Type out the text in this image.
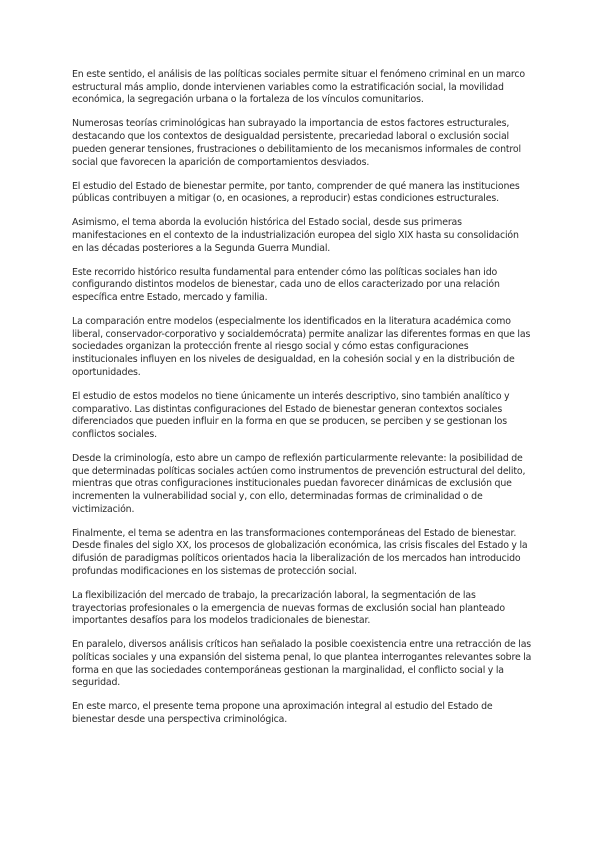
En este sentido, el análisis de las políticas sociales permite situar el fenómeno criminal en un marco estructural más amplio, donde intervienen variables como la estratificación social, la movilidad económica, la segregación urbana o la fortaleza de los vínculos comunitarios.

Numerosas teorías criminológicas han subrayado la importancia de estos factores estructurales, destacando que los contextos de desigualdad persistente, precariedad laboral o exclusión social pueden generar tensiones, frustraciones o debilitamiento de los mecanismos informales de control social que favorecen la aparición de comportamientos desviados.

El estudio del Estado de bienestar permite, por tanto, comprender de qué manera las instituciones públicas contribuyen a mitigar (o, en ocasiones, a reproducir) estas condiciones estructurales.

Asimismo, el tema aborda la evolución histórica del Estado social, desde sus primeras manifestaciones en el contexto de la industrialización europea del siglo XIX hasta su consolidación en las décadas posteriores a la Segunda Guerra Mundial.

Este recorrido histórico resulta fundamental para entender cómo las políticas sociales han ido configurando distintos modelos de bienestar, cada uno de ellos caracterizado por una relación específica entre Estado, mercado y familia.

La comparación entre modelos (especialmente los identificados en la literatura académica como liberal, conservador-corporativo y socialdemócrata) permite analizar las diferentes formas en que las sociedades organizan la protección frente al riesgo social y cómo estas configuraciones institucionales influyen en los niveles de desigualdad, en la cohesión social y en la distribución de oportunidades.

El estudio de estos modelos no tiene únicamente un interés descriptivo, sino también analítico y comparativo. Las distintas configuraciones del Estado de bienestar generan contextos sociales diferenciados que pueden influir en la forma en que se producen, se perciben y se gestionan los conflictos sociales.

Desde la criminología, esto abre un campo de reflexión particularmente relevante: la posibilidad de que determinadas políticas sociales actúen como instrumentos de prevención estructural del delito, mientras que otras configuraciones institucionales puedan favorecer dinámicas de exclusión que incrementen la vulnerabilidad social y, con ello, determinadas formas de criminalidad o de victimización.

Finalmente, el tema se adentra en las transformaciones contemporáneas del Estado de bienestar. Desde finales del siglo XX, los procesos de globalización económica, las crisis fiscales del Estado y la difusión de paradigmas políticos orientados hacia la liberalización de los mercados han introducido profundas modificaciones en los sistemas de protección social.

La flexibilización del mercado de trabajo, la precarización laboral, la segmentación de las trayectorias profesionales o la emergencia de nuevas formas de exclusión social han planteado importantes desafíos para los modelos tradicionales de bienestar.

En paralelo, diversos análisis críticos han señalado la posible coexistencia entre una retracción de las políticas sociales y una expansión del sistema penal, lo que plantea interrogantes relevantes sobre la forma en que las sociedades contemporáneas gestionan la marginalidad, el conflicto social y la seguridad.

En este marco, el presente tema propone una aproximación integral al estudio del Estado de bienestar desde una perspectiva criminológica.
